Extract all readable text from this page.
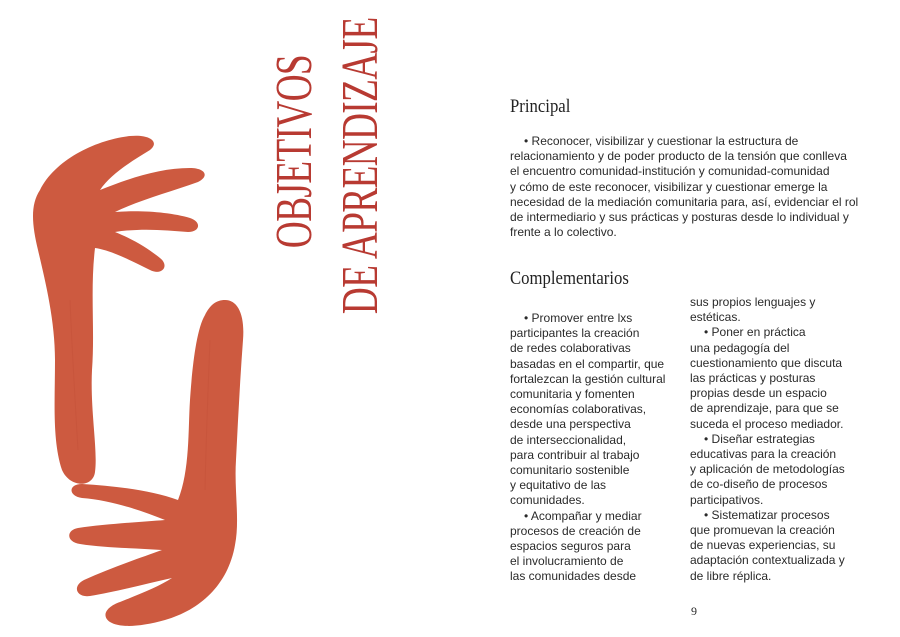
OBJETIVOS DE APRENDIZAJE	Principal
• Reconocer, visibilizar y cuestionar la estructura de
relacionamiento y de poder producto de la tensión que conlleva
el encuentro comunidad-institución y comunidad-comunidad
y cómo de este reconocer, visibilizar y cuestionar emerge la
necesidad de la mediación comunitaria para, así, evidenciar el rol
de intermediario y sus prácticas y posturas desde lo individual y
frente a lo colectivo.
Complementarios
• Promover entre lxs
participantes la creación
de redes colaborativas
basadas en el compartir, que
fortalezcan la gestión cultural
comunitaria y fomenten
economías colaborativas,
desde una perspectiva
de interseccionalidad,
para contribuir al trabajo
comunitario sostenible
y equitativo de las
comunidades.
• Acompañar y mediar
procesos de creación de
espacios seguros para
el involucramiento de
las comunidades desde
sus propios lenguajes y
estéticas.
• Poner en práctica
una pedagogía del
cuestionamiento que discuta
las prácticas y posturas
propias desde un espacio
de aprendizaje, para que se
suceda el proceso mediador.
• Diseñar estrategias
educativas para la creación
y aplicación de metodologías
de co-diseño de procesos
participativos.
• Sistematizar procesos
que promuevan la creación
de nuevas experiencias, su
adaptación contextualizada y
de libre réplica.
9
